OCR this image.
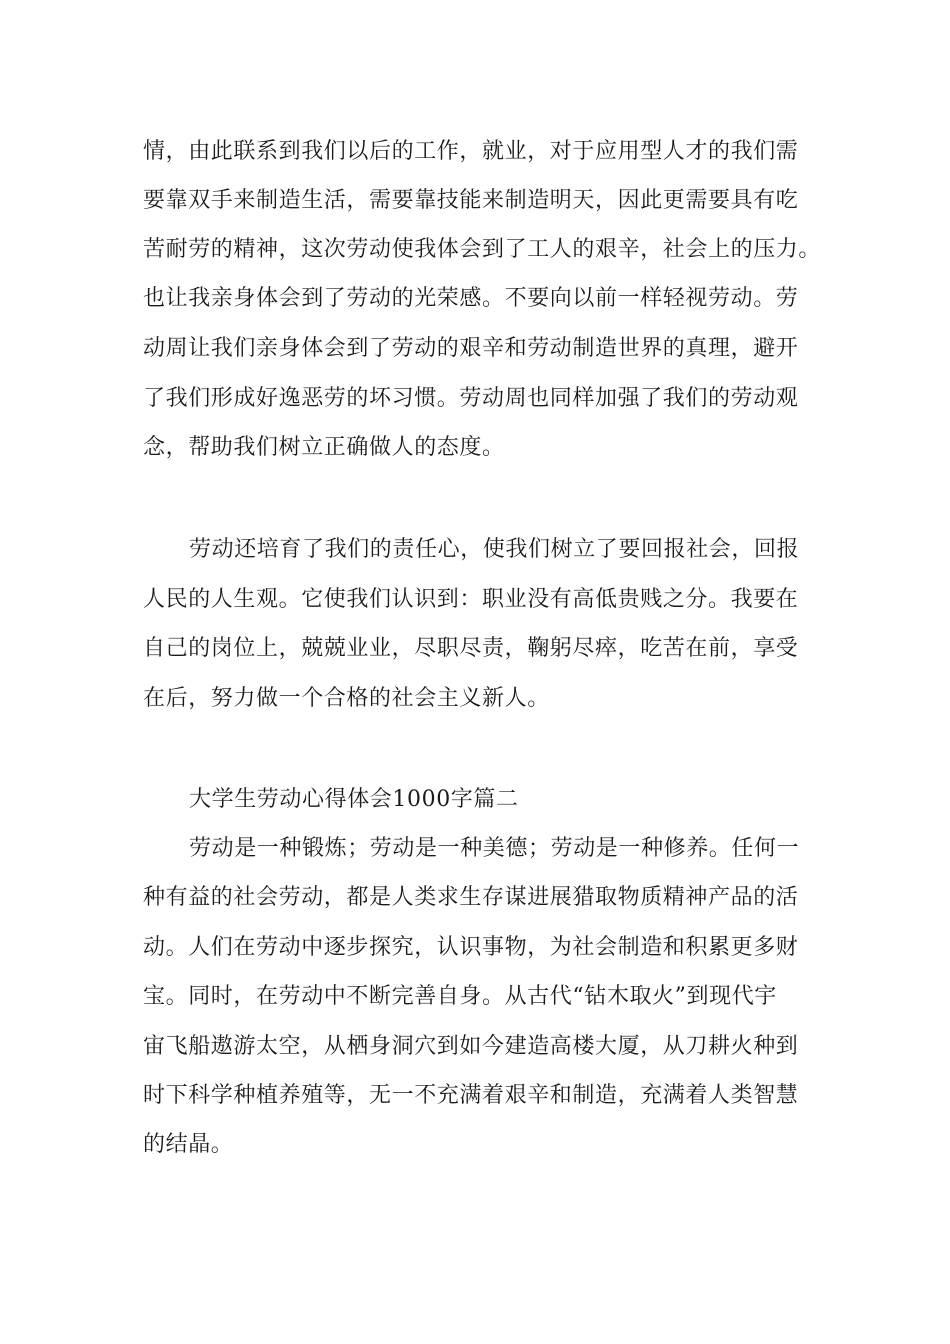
情，由此联系到我们以后的工作，就业，对于应用型人才的我们需
要靠双手来制造生活，需要靠技能来制造明天，因此更需要具有吃
苦耐劳的精神，这次劳动使我体会到了工人的艰辛，社会上的压力。
也让我亲身体会到了劳动的光荣感。不要向以前一样轻视劳动。劳
动周让我们亲身体会到了劳动的艰辛和劳动制造世界的真理，避开
了我们形成好逸恶劳的坏习惯。劳动周也同样加强了我们的劳动观
念，帮助我们树立正确做人的态度。
劳动还培育了我们的责任心，使我们树立了要回报社会，回报
人民的人生观。它使我们认识到：职业没有高低贵贱之分。我要在
自己的岗位上，兢兢业业，尽职尽责，鞠躬尽瘁，吃苦在前，享受
在后，努力做一个合格的社会主义新人。
大学生劳动心得体会1000字篇二
劳动是一种锻炼；劳动是一种美德；劳动是一种修养。任何一
种有益的社会劳动，都是人类求生存谋进展猎取物质精神产品的活
动。人们在劳动中逐步探究，认识事物，为社会制造和积累更多财
宝。同时，在劳动中不断完善自身。从古代“钻木取火”到现代宇
宙飞船遨游太空，从栖身洞穴到如今建造高楼大厦，从刀耕火种到
时下科学种植养殖等，无一不充满着艰辛和制造，充满着人类智慧
的结晶。
